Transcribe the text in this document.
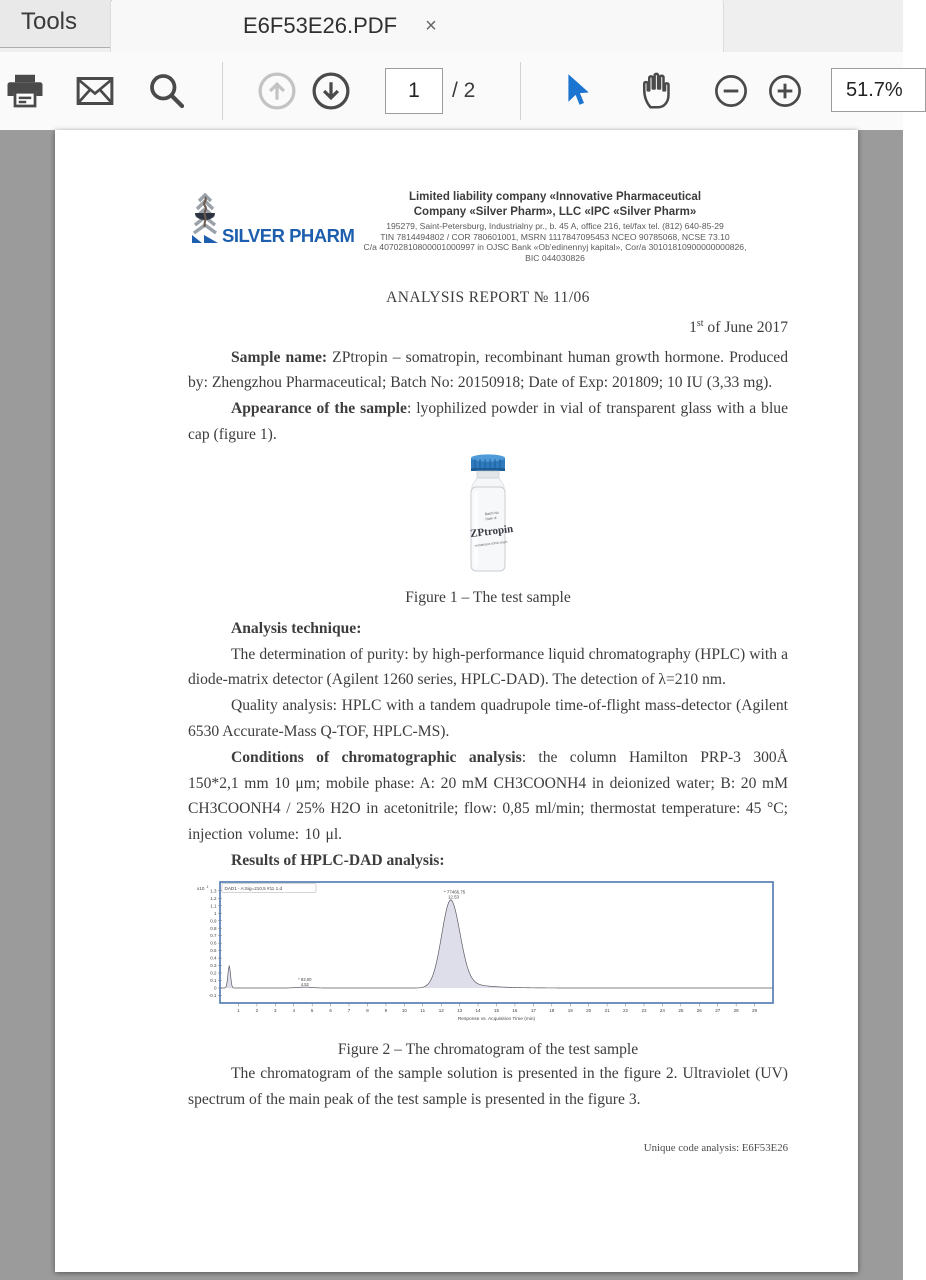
Tools	E6F53E26.PDF ×
1 / 2	51.7%
SILVER PHARM
Limited liability company «Innovative Pharmaceutical
Company «Silver Pharm», LLC «IPC «Silver Pharm»
195279, Saint-Petersburg, Industrialny pr., b. 45 A, office 216, tel/fax tel. (812) 640-85-29
TIN 7814494802 / COR 780601001, MSRN 1117847095453 NCEO 90785068, NCSE 73.10
C/a 40702810800001000997 in OJSC Bank «Ob'edinennyj kapital», Cor/a 30101810900000000826,
BIC 044030826
ANALYSIS REPORT № 11/06
1st of June 2017

Sample name: ZPtropin – somatropin, recombinant human growth hormone. Produced by: Zhengzhou Pharmaceutical; Batch No: 20150918; Date of Exp: 201809; 10 IU (3,33 mg).

Appearance of the sample: lyophilized powder in vial of transparent glass with a blue cap (figure 1).

Batch No
Date of
ZPtropin
somatropin rDNA origin

Figure 1 – The test sample

Analysis technique:

The determination of purity: by high-performance liquid chromatography (HPLC) with a diode-matrix detector (Agilent 1260 series, HPLC-DAD). The detection of λ=210 nm.

Quality analysis: HPLC with a tandem quadrupole time-of-flight mass-detector (Agilent 6530 Accurate-Mass Q-TOF, HPLC-MS).

Conditions of chromatographic analysis: the column Hamilton PRP-3 300Å 150*2,1 mm 10 μm; mobile phase: A: 20 mM CH3COONH4 in deionized water; B: 20 mM CH3COONH4 / 25% H2O in acetonitrile; flow: 0,85 ml/min; thermostat temperature: 45 °C; injection volume: 10 μl.

Results of HPLC-DAD analysis:

DAD1 - A:Sig=210,5 #11 1.d
x10 1
1.3
1.2
1.1
1
0.9
0.8
0.7
0.6
0.5
0.4
0.3
0.2
0.1
0
-0.1
1	2	3	4	5	6	7	8	9	10	11	12	13	14	15	16	17	18	19	20	21	22	23	24	25	26	27	28	29
Response vs. Acquisition Time (min)
* 93.00
4.52
* 77466.75
12.53

Figure 2 – The chromatogram of the test sample

The chromatogram of the sample solution is presented in the figure 2. Ultraviolet (UV) spectrum of the main peak of the test sample is presented in the figure 3.

Unique code analysis: E6F53E26
